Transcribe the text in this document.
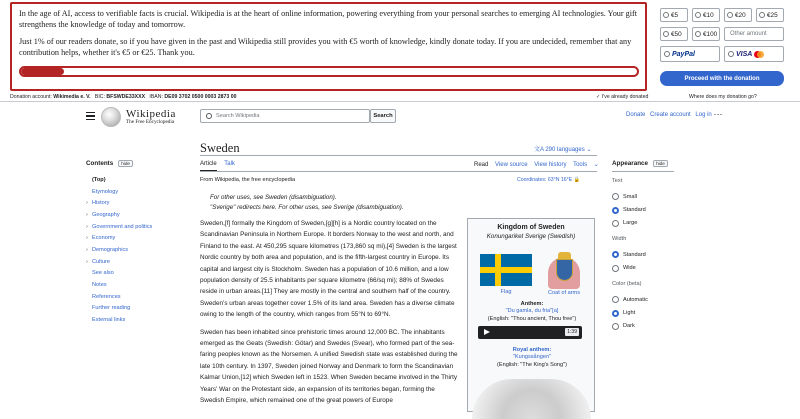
In the age of AI, access to verifiable facts is crucial. Wikipedia is at the heart of online information, powering everything from your personal searches to emerging AI technologies. Your gift strengthens the knowledge of today and tomorrow.

Just 1% of our readers donate, so if you have given in the past and Wikipedia still provides you with €5 worth of knowledge, kindly donate today. If you are undecided, remember that any contribution helps, whether it's €5 or €25. Thank you.

€5	€10	€20	€25
€50	€100	Other amount
PayPal	VISA
Proceed with the donation
Donation account: Wikimedia e. V. BIC: BFSWDE33XXX IBAN: DE09 3702 0500 0003 2873 00	✓ I've already donated	Where does my donation go?
Wikipedia
The Free Encyclopedia
Search Wikipedia	Search	Donate Create account Log in ···
Contents	hide
(Top)
Etymology
› History
› Geography
› Government and politics
› Economy
› Demographics
› Culture
See also
Notes
References
Further reading
External links
Sweden	文A 290 languages ⌄
Article Talk	Read View source View history Tools ⌄
From Wikipedia, the free encyclopedia	Coordinates: 63°N 16°E 🔒
For other uses, see Sweden (disambiguation).
"Sverige" redirects here. For other uses, see Sverige (disambiguation).

Sweden,[f] formally the Kingdom of Sweden,[g][h] is a Nordic country located on the Scandinavian Peninsula in Northern Europe. It borders Norway to the west and north, and Finland to the east. At 450,295 square kilometres (173,860 sq mi),[4] Sweden is the largest Nordic country by both area and population, and is the fifth-largest country in Europe. Its capital and largest city is Stockholm. Sweden has a population of 10.6 million, and a low population density of 25.5 inhabitants per square kilometre (66/sq mi); 88% of Swedes reside in urban areas.[11] They are mostly in the central and southern half of the country. Sweden's urban areas together cover 1.5% of its land area. Sweden has a diverse climate owing to the length of the country, which ranges from 55°N to 69°N.

Sweden has been inhabited since prehistoric times around 12,000 BC. The inhabitants emerged as the Geats (Swedish: Götar) and Swedes (Svear), who formed part of the sea-faring peoples known as the Norsemen. A unified Swedish state was established during the late 10th century. In 1397, Sweden joined Norway and Denmark to form the Scandinavian Kalmar Union,[12] which Sweden left in 1523. When Sweden became involved in the Thirty Years' War on the Protestant side, an expansion of its territories began, forming the Swedish Empire, which remained one of the great powers of Europe

Kingdom of Sweden
Konungariket Sverige (Swedish)
Flag	Coat of arms
Anthem:
"Du gamla, du fria"[a]
(English: "Thou ancient, Thou free")
1:39
Royal anthem:
"Kungssången"
(English: "The King's Song")
Appearance	hide
Text
Small
Standard
Large
Width
Standard
Wide
Color (beta)
Automatic
Light
Dark
